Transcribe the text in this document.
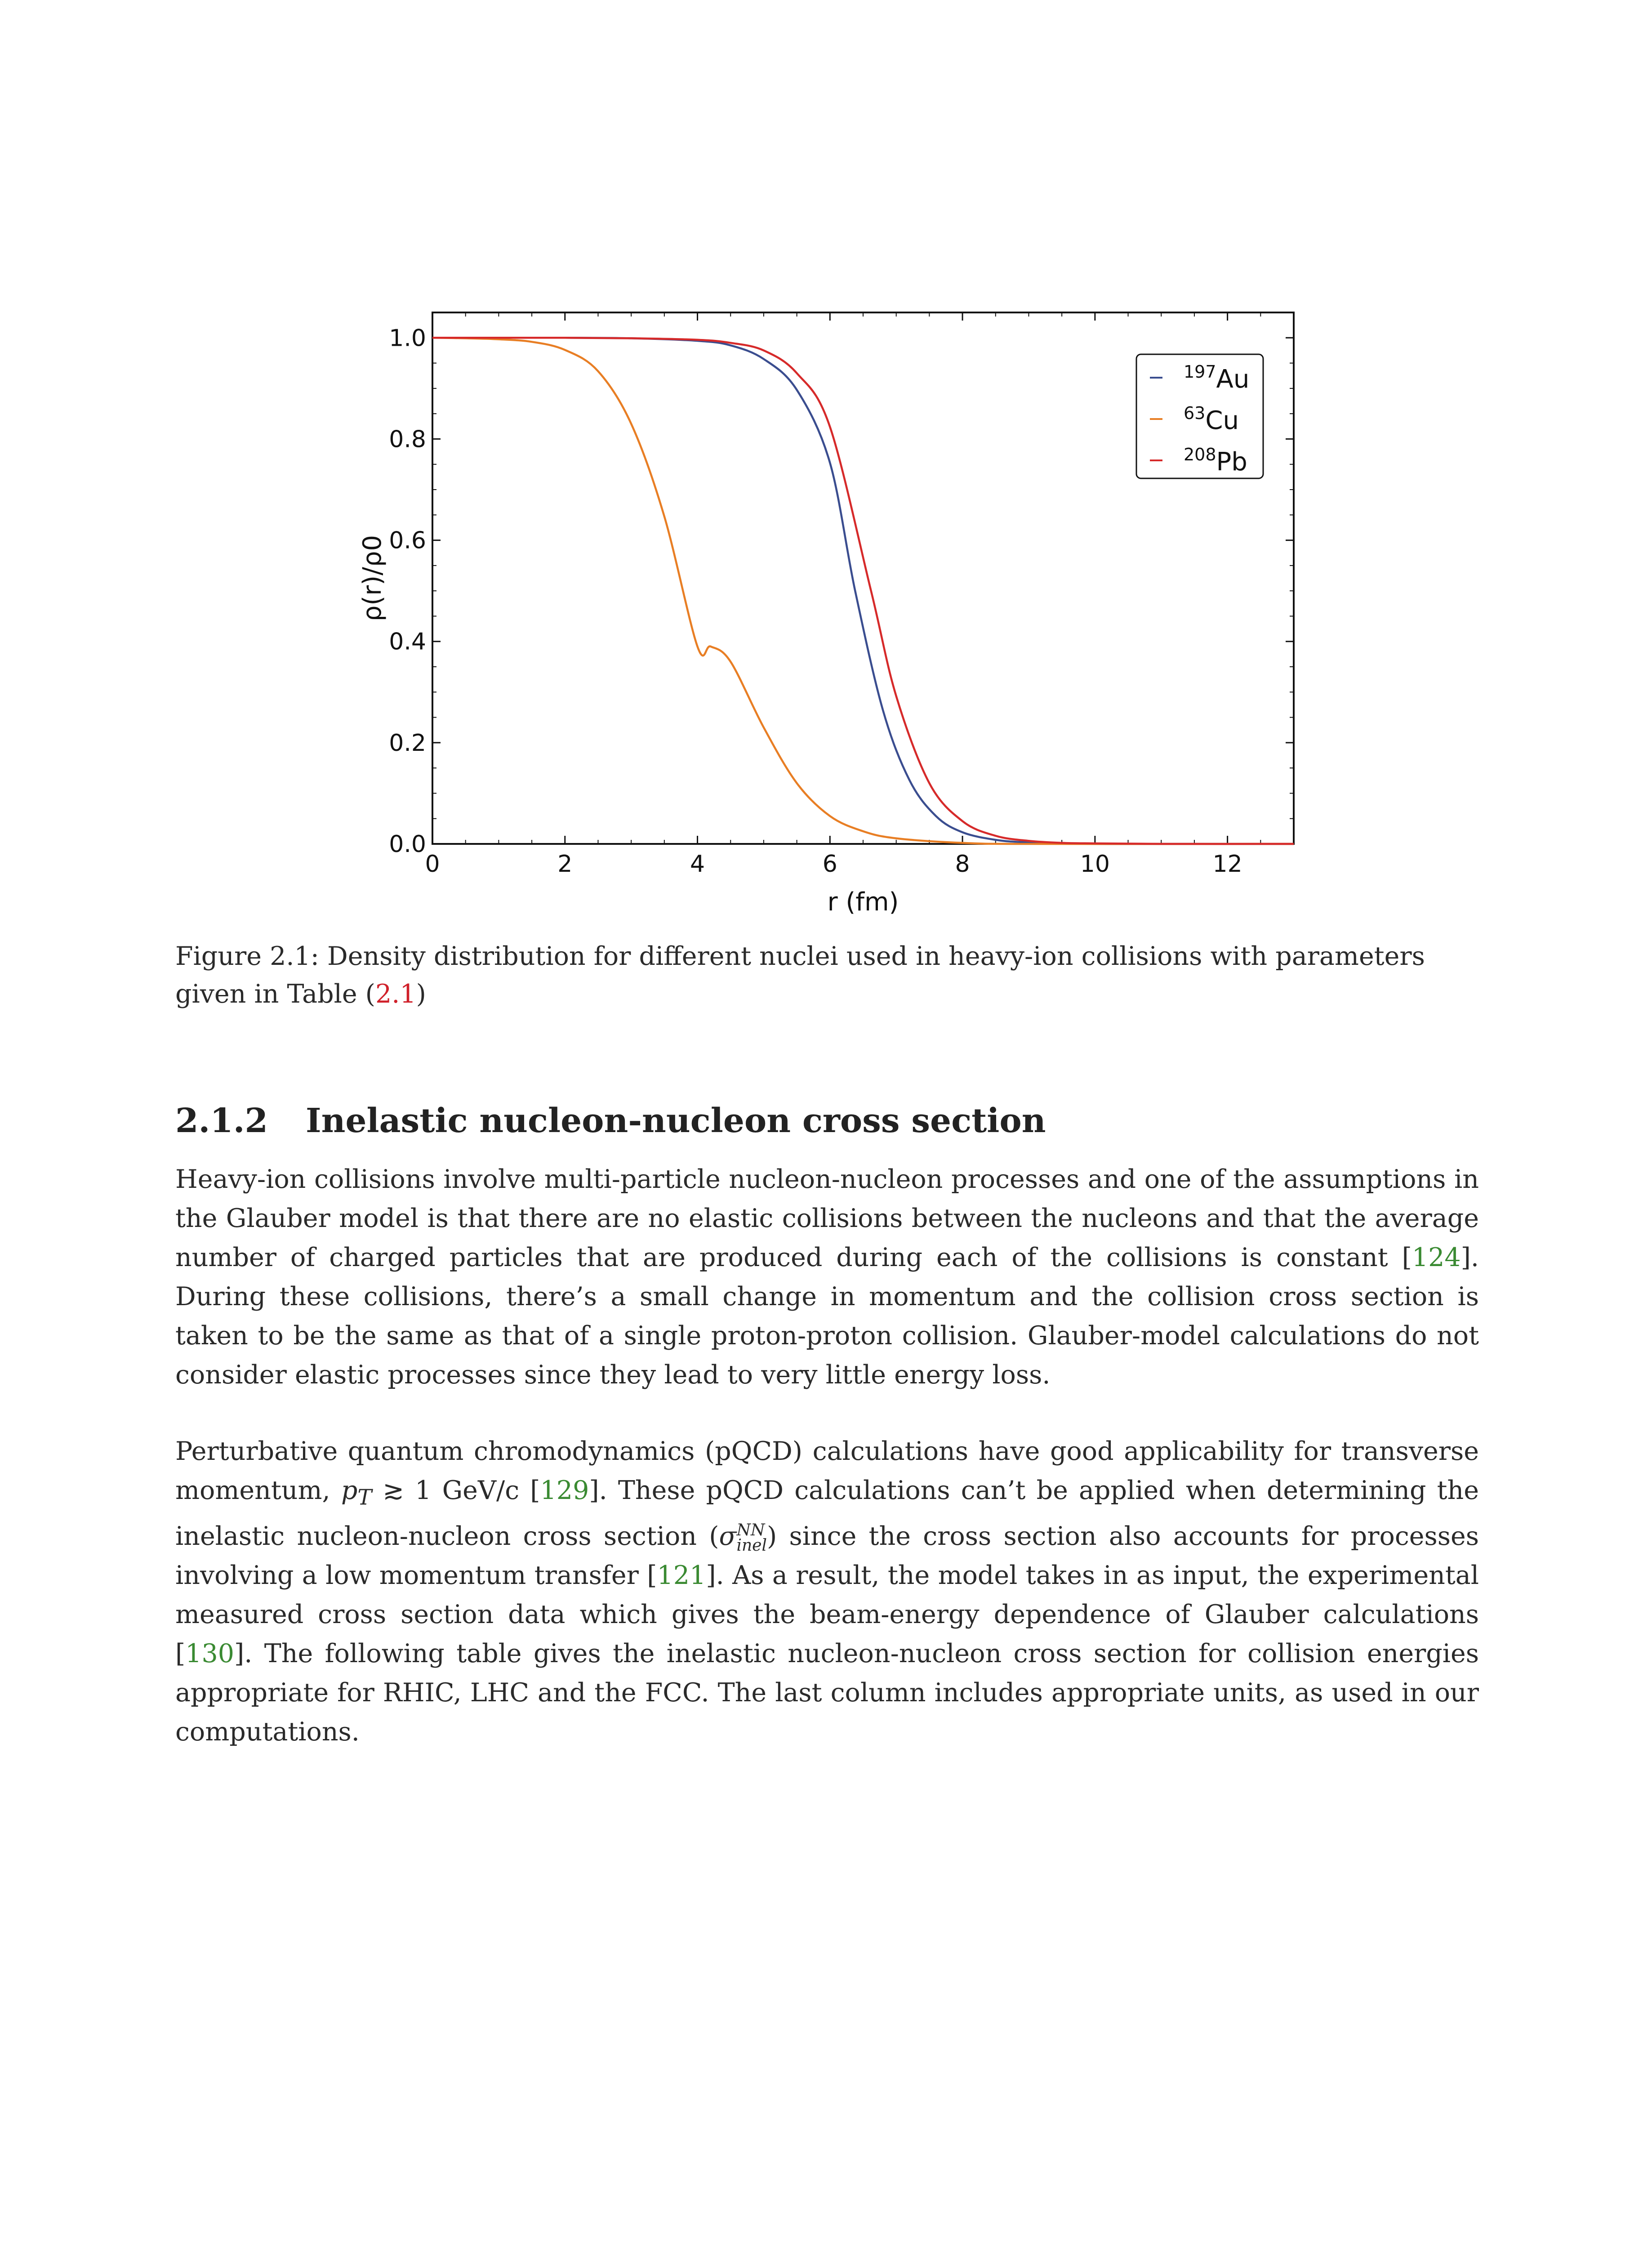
0	2	4	6	8	10	12
0.0
0.2
0.4
0.6
0.8
1.0
r (fm)
ρ(r)/ρ0
$^{197}$Au
$^{63}$Cu
$^{208}$Pb
Figure 2.1: Density distribution for different nuclei used in heavy-ion collisions with parameters given in Table (2.1)
2.1.2 Inelastic nucleon-nucleon cross section

Heavy-ion collisions involve multi-particle nucleon-nucleon processes and one of the assumptions in the Glauber model is that there are no elastic collisions between the nucleons and that the average number of charged particles that are produced during each of the collisions is constant [124]. During these collisions, there’s a small change in momentum and the collision cross section is taken to be the same as that of a single proton-proton collision. Glauber-model calculations do not consider elastic processes since they lead to very little energy loss.

Perturbative quantum chromodynamics (pQCD) calculations have good applicability for transverse momentum, $p_T$ ≳ 1 GeV/c [129]. These pQCD calculations can’t be applied when determining the inelastic nucleon-nucleon cross section (σ NN
inel ) since the cross section also accounts for processes involving a low momentum transfer [121]. As a result, the model takes in as input, the experimental measured cross section data which gives the beam-energy dependence of Glauber calculations [130]. The following table gives the inelastic nucleon-nucleon cross section for collision energies appropriate for RHIC, LHC and the FCC. The last column includes appropriate units, as used in our computations.
